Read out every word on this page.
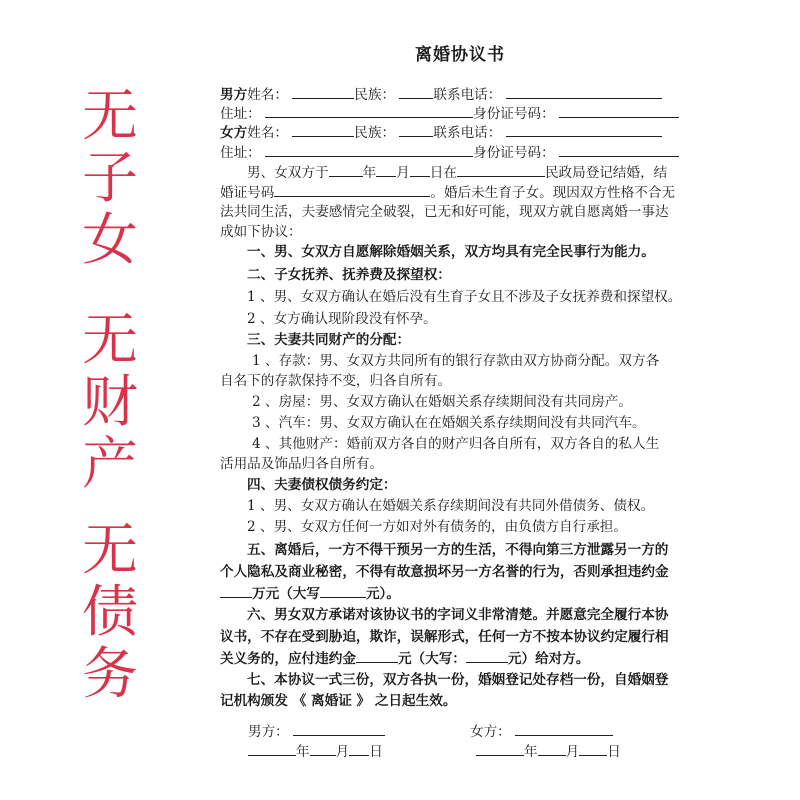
无
子
女
无
财
产
无
债
务
离婚协议书
男方姓名：	民族：	联系电话：
住址：	身份证号码：
女方姓名：	民族：	联系电话：
住址：	身份证号码：
男、女双方于	年 月 日在	民政局登记结婚，结
婚证号码	。婚后未生育子女。现因双方性格不合无
法共同生活，夫妻感情完全破裂，已无和好可能，现双方就自愿离婚一事达
成如下协议：
一、男、女双方自愿解除婚姻关系，双方均具有完全民事行为能力。
二、子女抚养、抚养费及探望权：
1 、男、女双方确认在婚后没有生育子女且不涉及子女抚养费和探望权。
2 、女方确认现阶段没有怀孕。
三、夫妻共同财产的分配：
1 、存款：男、女双方共同所有的银行存款由双方协商分配。双方各
自名下的存款保持不变，归各自所有。
2 、房屋：男、女双方确认在婚姻关系存续期间没有共同房产。
3 、汽车：男、女双方确认在在婚姻关系存续期间没有共同汽车。
4 、其他财产：婚前双方各自的财产归各自所有，双方各自的私人生
活用品及饰品归各自所有。
四、夫妻债权债务约定：
1 、男、女双方确认在婚姻关系存续期间没有共同外借债务、债权。
2 、男、女双方任何一方如对外有债务的，由负债方自行承担。
五、离婚后，一方不得干预另一方的生活，不得向第三方泄露另一方的
个人隐私及商业秘密，不得有故意损坏另一方名誉的行为，否则承担违约金
万元（大写	元）。
六、男女双方承诺对该协议书的字词义非常清楚。并愿意完全履行本协
议书，不存在受到胁迫，欺诈，误解形式，任何一方不按本协议约定履行相
关义务的，应付违约金	元（大写：	元）给对方。
七、本协议一式三份，双方各执一份，婚姻登记处存档一份，自婚姻登
记机构颁发 《 离婚证 》 之日起生效。
男方：
年 月 日
女方：
年 月 日
